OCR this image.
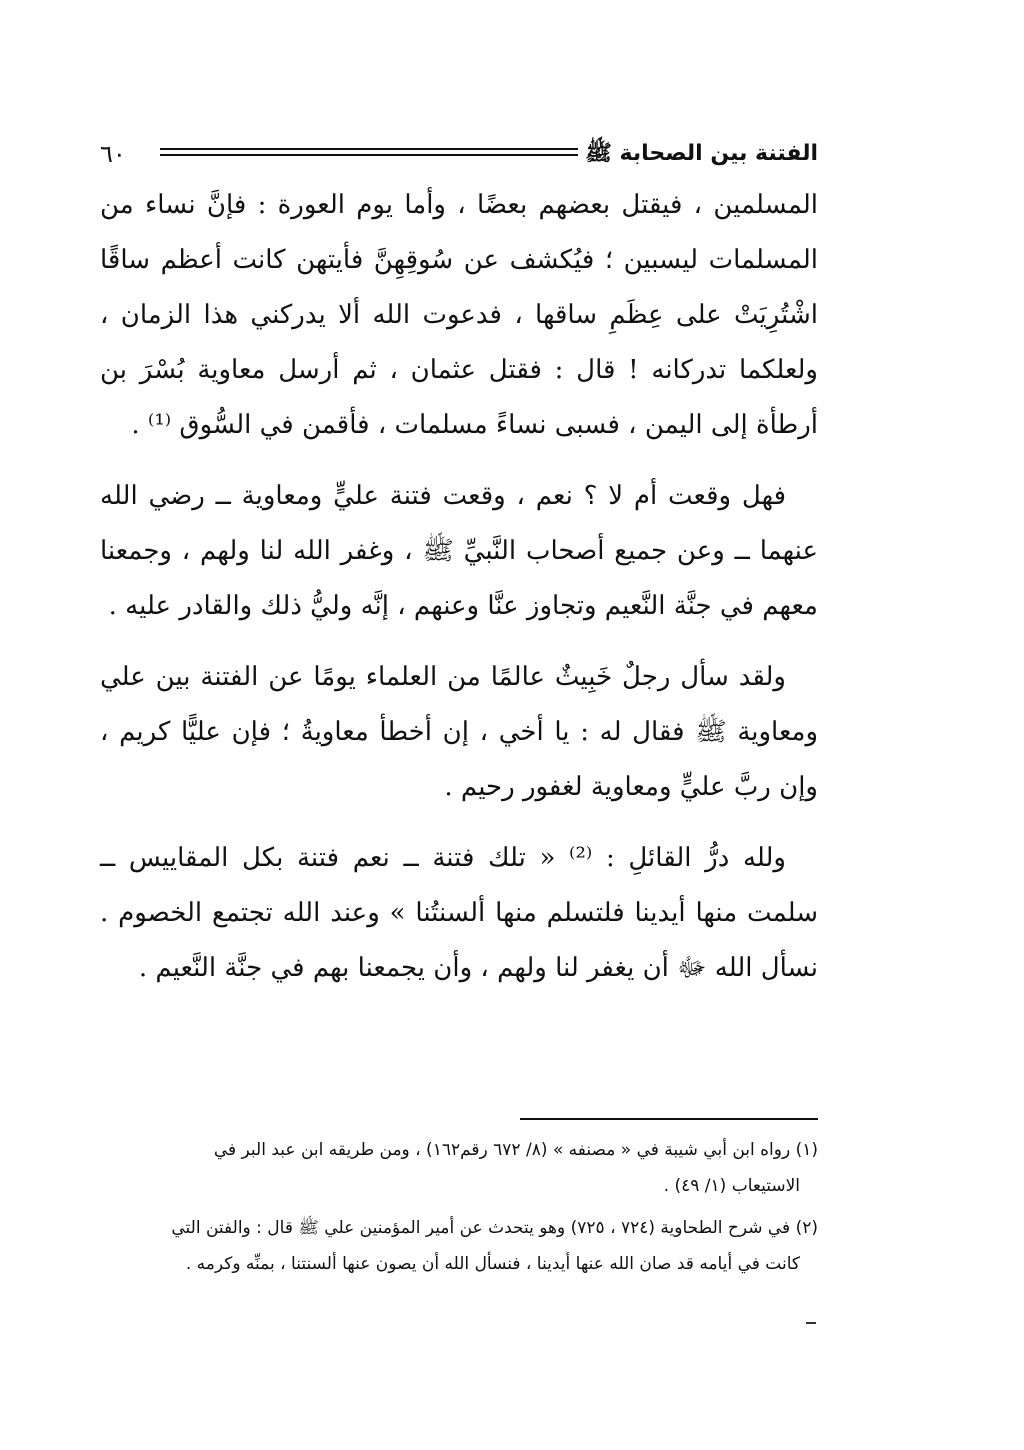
الفتنة بين الصحابة ﷺ
٦٠

المسلمين ، فيقتل بعضهم بعضًا ، وأما يوم العورة : فإنَّ نساء من المسلمات ليسبين ؛ فيُكشف عن سُوقِهِنَّ فأيتهن كانت أعظم ساقًا اشْتُرِيَتْ على عِظَمِ ساقها ، فدعوت الله ألا يدركني هذا الزمان ، ولعلكما تدركانه ! قال : فقتل عثمان ، ثم أرسل معاوية بُسْرَ بن أرطأة إلى اليمن ، فسبى نساءً مسلمات ، فأقمن في السُّوق ⁽¹⁾ .

فهل وقعت أم لا ؟ نعم ، وقعت فتنة عليٍّ ومعاوية ــ رضي الله عنهما ــ وعن جميع أصحاب النَّبيِّ ﷺ ، وغفر الله لنا ولهم ، وجمعنا معهم في جنَّة النَّعيم وتجاوز عنَّا وعنهم ، إنَّه وليُّ ذلك والقادر عليه .

ولقد سأل رجلٌ خَبِيثٌ عالمًا من العلماء يومًا عن الفتنة بين علي ومعاوية ﷺ فقال له : يا أخي ، إن أخطأ معاويةُ ؛ فإن عليًّا كريم ، وإن ربَّ عليٍّ ومعاوية لغفور رحيم .

ولله درُّ القائلِ : ⁽²⁾ « تلك فتنة ــ نعم فتنة بكل المقاييس ــ سلمت منها أيدينا فلتسلم منها ألسنتُنا » وعند الله تجتمع الخصوم . نسأل الله ﷻ أن يغفر لنا ولهم ، وأن يجمعنا بهم في جنَّة النَّعيم .

(١) رواه ابن أبي شيبة في « مصنفه » (٨/ ٦٧٢ رقم١٦٢) ، ومن طريقه ابن عبد البر في
الاستيعاب (١/ ٤٩) .
(٢) في شرح الطحاوية (٧٢٤ ، ٧٢٥) وهو يتحدث عن أمير المؤمنين علي ﷺ قال : والفتن التي
كانت في أيامه قد صان الله عنها أيدينا ، فنسأل الله أن يصون عنها ألسنتنا ، بمنِّه وكرمه .
